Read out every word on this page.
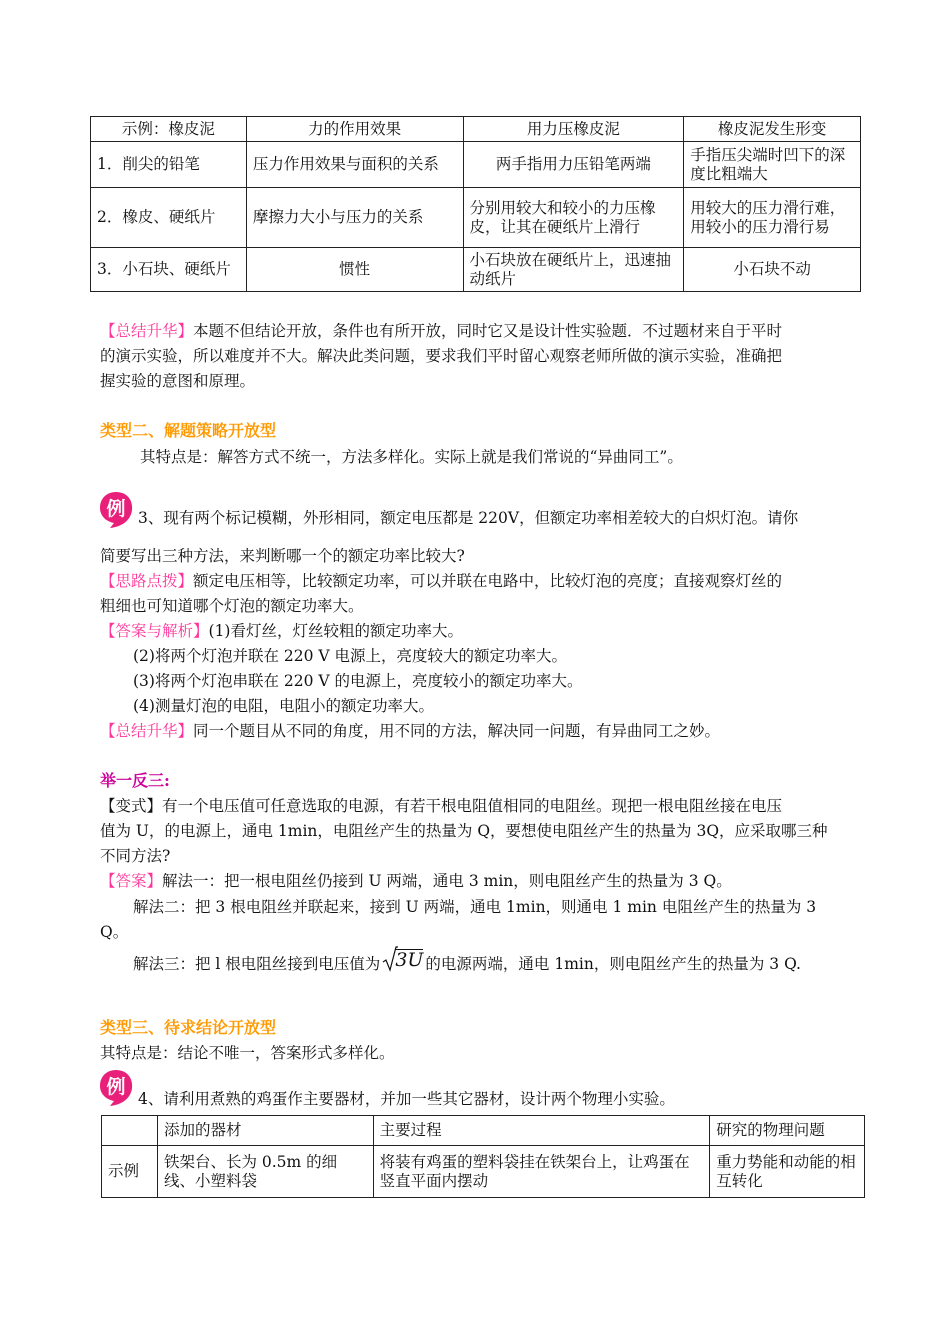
示例：橡皮泥	力的作用效果	用力压橡皮泥	橡皮泥发生形变
1．削尖的铅笔	压力作用效果与面积的关系	两手指用力压铅笔两端	手指压尖端时凹下的深度比粗端大
2．橡皮、硬纸片	摩擦力大小与压力的关系	分别用较大和较小的力压橡皮，让其在硬纸片上滑行	用较大的压力滑行难，用较小的压力滑行易
3．小石块、硬纸片	惯性	小石块放在硬纸片上，迅速抽动纸片	小石块不动
【总结升华】本题不但结论开放，条件也有所开放，同时它又是设计性实验题．不过题材来自于平时
的演示实验，所以难度并不大。解决此类问题，要求我们平时留心观察老师所做的演示实验，准确把
握实验的意图和原理。
类型二、解题策略开放型
其特点是：解答方式不统一，方法多样化。实际上就是我们常说的“异曲同工”。
例 3、现有两个标记模糊，外形相同，额定电压都是 220V，但额定功率相差较大的白炽灯泡。请你
简要写出三种方法，来判断哪一个的额定功率比较大?
【思路点拨】额定电压相等，比较额定功率，可以并联在电路中，比较灯泡的亮度；直接观察灯丝的
粗细也可知道哪个灯泡的额定功率大。
【答案与解析】(1)看灯丝，灯丝较粗的额定功率大。
(2)将两个灯泡并联在 220 V 电源上，亮度较大的额定功率大。
(3)将两个灯泡串联在 220 V 的电源上，亮度较小的额定功率大。
(4)测量灯泡的电阻，电阻小的额定功率大。
【总结升华】同一个题目从不同的角度，用不同的方法，解决同一问题，有异曲同工之妙。
举一反三:
【变式】有一个电压值可任意选取的电源，有若干根电阻值相同的电阻丝。现把一根电阻丝接在电压
值为 U，的电源上，通电 1min，电阻丝产生的热量为 Q，要想使电阻丝产生的热量为 3Q，应采取哪三种
不同方法?
【答案】解法一：把一根电阻丝仍接到 U 两端，通电 3 min，则电阻丝产生的热量为 3 Q。
解法二：把 3 根电阻丝并联起来，接到 U 两端，通电 1min，则通电 1 min 电阻丝产生的热量为 3
Q。
解法三：把 l 根电阻丝接到电压值为 3U 的电源两端，通电 1min，则电阻丝产生的热量为 3 Q.
类型三、待求结论开放型
其特点是：结论不唯一，答案形式多样化。
例
4、请利用煮熟的鸡蛋作主要器材，并加一些其它器材，设计两个物理小实验。
	添加的器材	主要过程	研究的物理问题
示例	铁架台、长为 0.5m 的细线、小塑料袋	将装有鸡蛋的塑料袋挂在铁架台上，让鸡蛋在竖直平面内摆动	重力势能和动能的相互转化
